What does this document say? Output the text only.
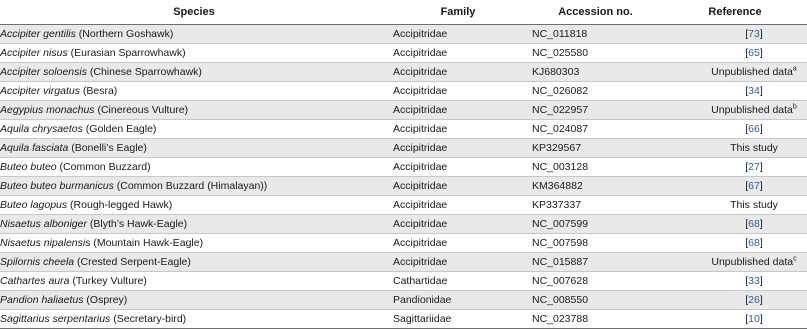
Species	Family	Accession no.	Reference
Accipiter gentilis (Northern Goshawk)	Accipitridae	NC_011818	[73]
Accipiter nisus (Eurasian Sparrowhawk)	Accipitridae	NC_025580	[65]
Accipiter soloensis (Chinese Sparrowhawk)	Accipitridae	KJ680303	Unpublished data$^a$
Accipiter virgatus (Besra)	Accipitridae	NC_026082	[34]
Aegypius monachus (Cinereous Vulture)	Accipitridae	NC_022957	Unpublished data$^b$
Aquila chrysaetos (Golden Eagle)	Accipitridae	NC_024087	[66]
Aquila fasciata (Bonelli’s Eagle)	Accipitridae	KP329567	This study
Buteo buteo (Common Buzzard)	Accipitridae	NC_003128	[27]
Buteo buteo burmanicus (Common Buzzard (Himalayan))	Accipitridae	KM364882	[67]
Buteo lagopus (Rough-legged Hawk)	Accipitridae	KP337337	This study
Nisaetus alboniger (Blyth’s Hawk-Eagle)	Accipitridae	NC_007599	[68]
Nisaetus nipalensis (Mountain Hawk-Eagle)	Accipitridae	NC_007598	[68]
Spilornis cheela (Crested Serpent-Eagle)	Accipitridae	NC_015887	Unpublished data$^c$
Cathartes aura (Turkey Vulture)	Cathartidae	NC_007628	[33]
Pandion haliaetus (Osprey)	Pandionidae	NC_008550	[26]
Sagittarius serpentarius (Secretary-bird)	Sagittariidae	NC_023788	[10]
